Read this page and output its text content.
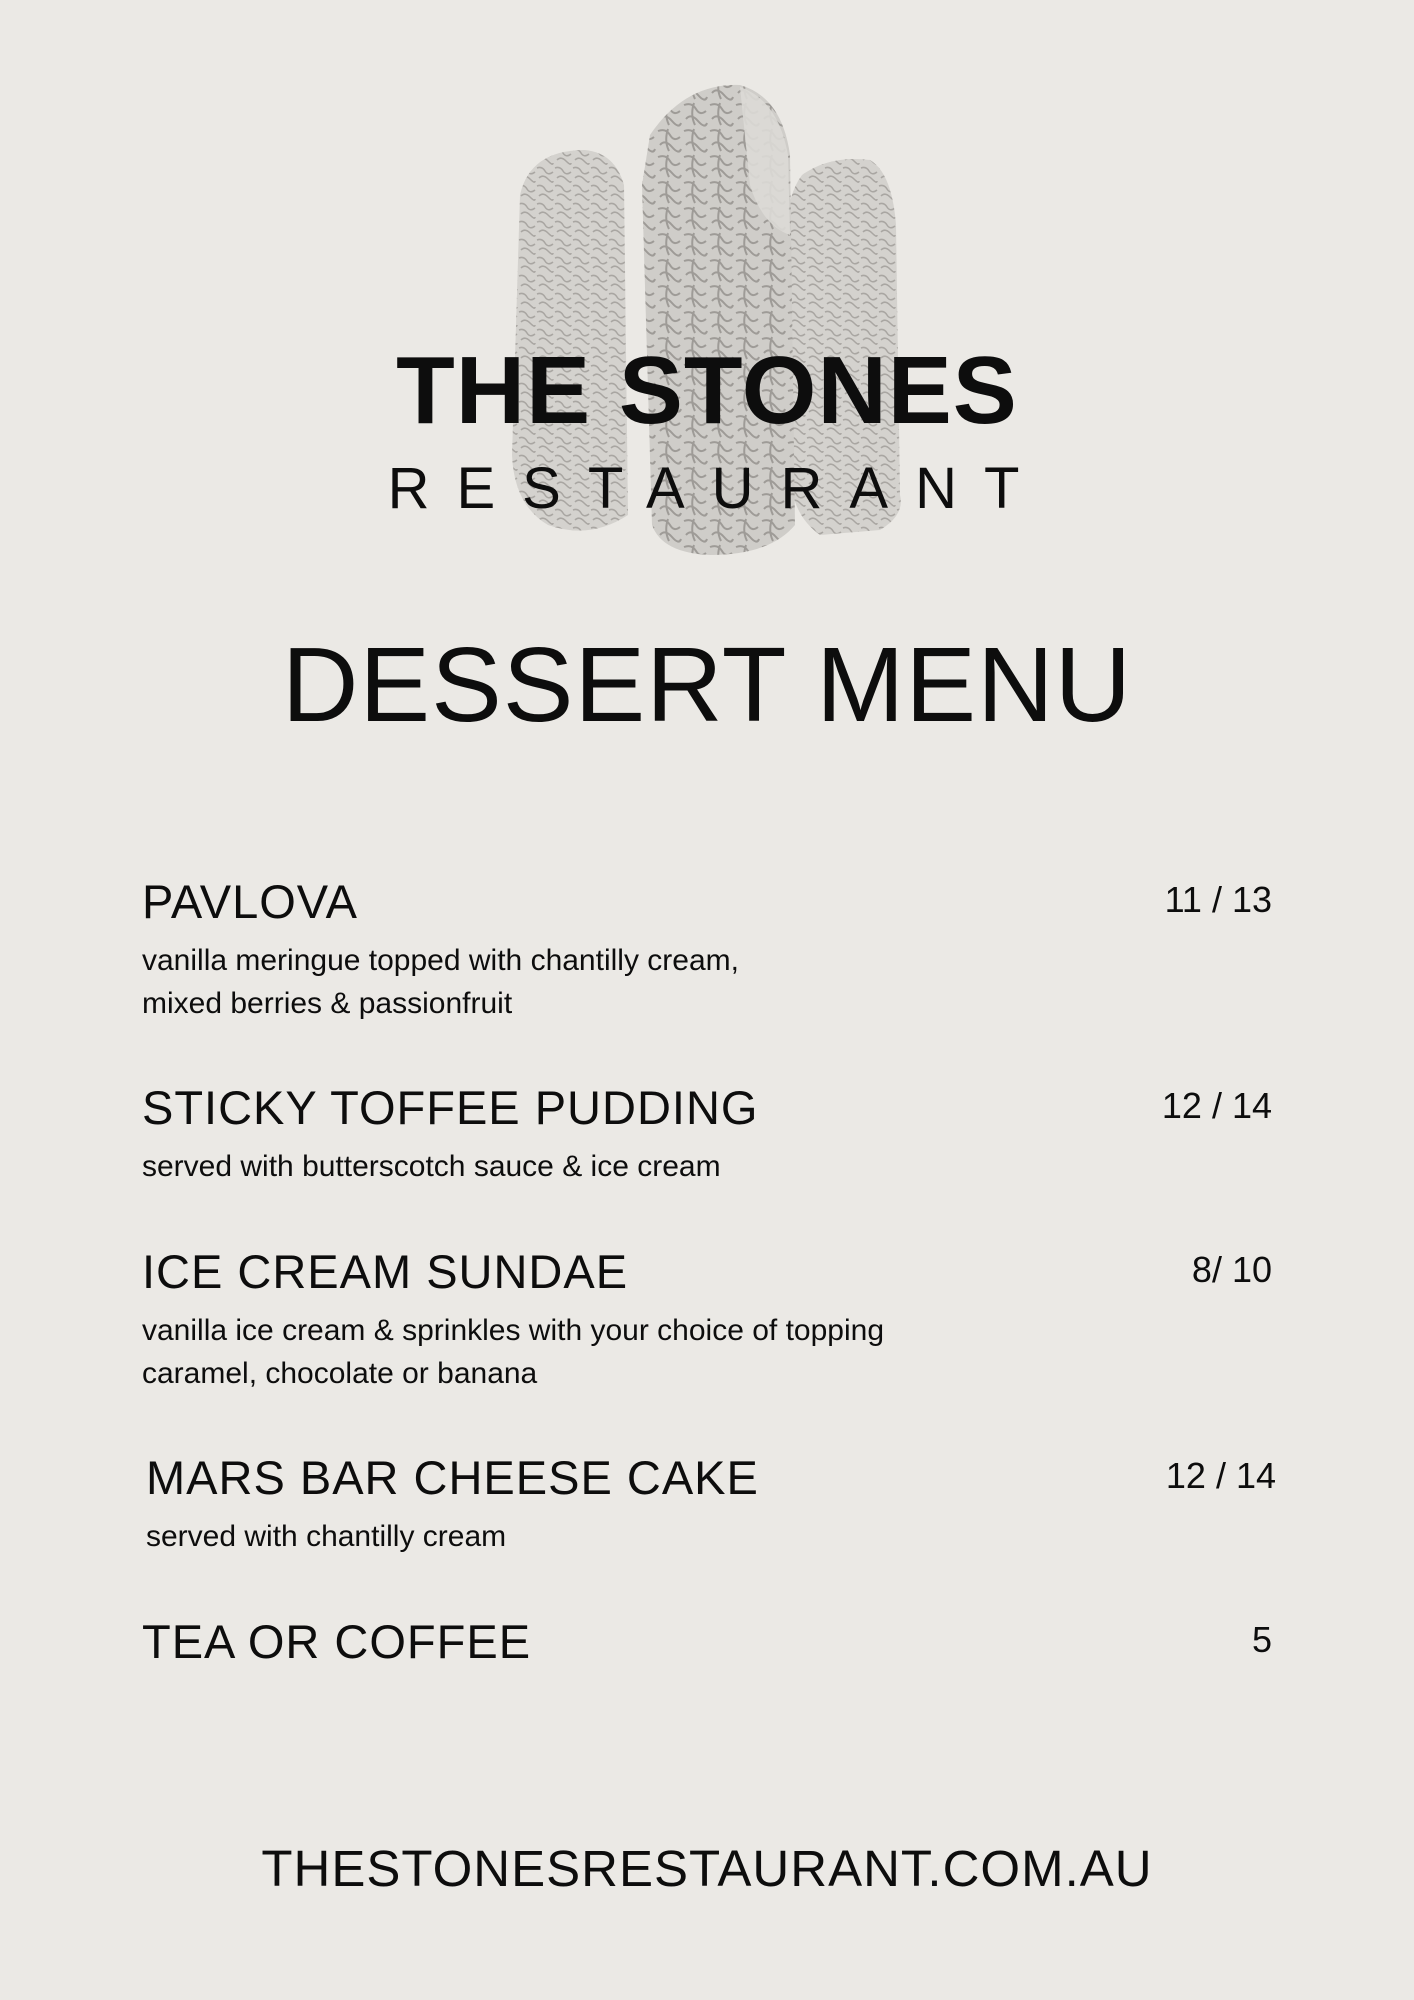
THE STONES
RESTAURANT
DESSERT MENU
PAVLOVA	11 / 13
vanilla meringue topped with chantilly cream,
mixed berries & passionfruit
STICKY TOFFEE PUDDING	12 / 14
served with butterscotch sauce & ice cream
ICE CREAM SUNDAE	8/ 10
vanilla ice cream & sprinkles with your choice of topping
caramel, chocolate or banana
MARS BAR CHEESE CAKE	12 / 14
served with chantilly cream
TEA OR COFFEE	5
THESTONESRESTAURANT.COM.AU
